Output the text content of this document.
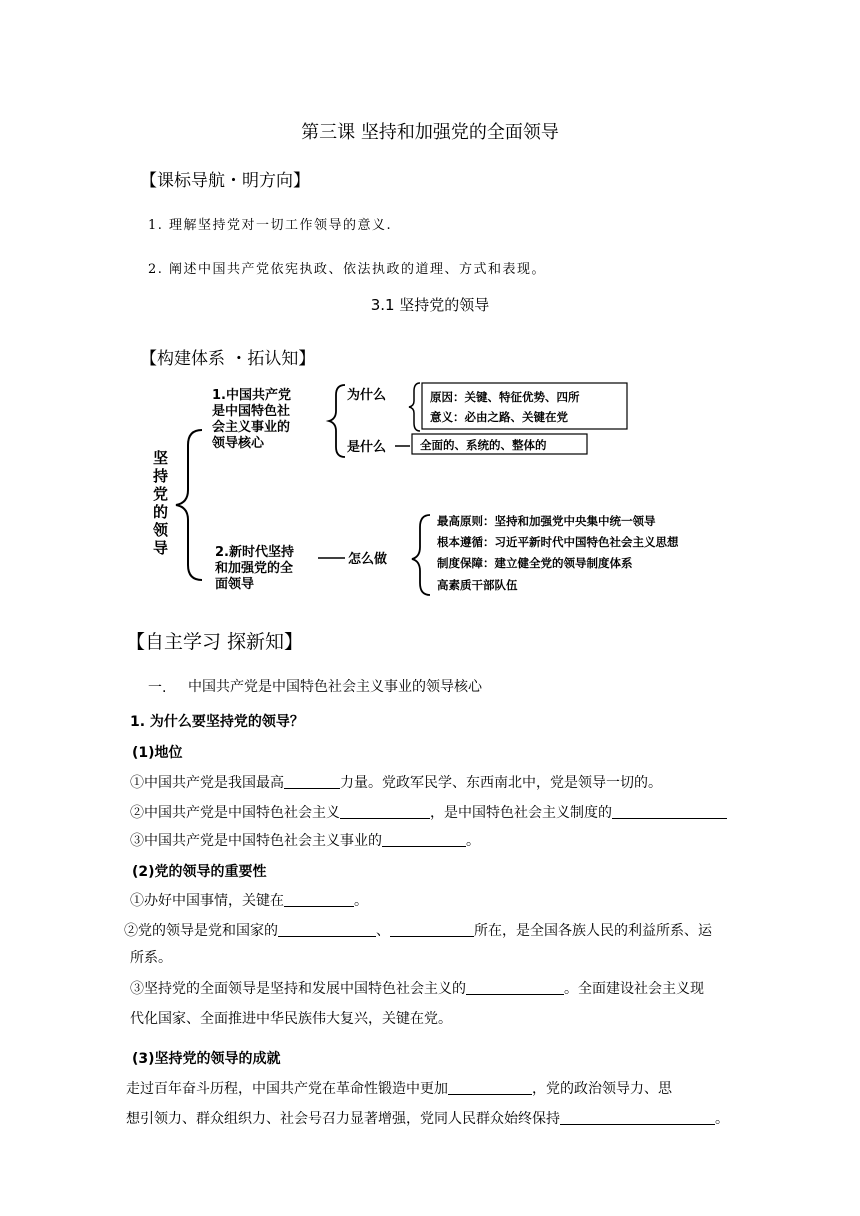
第三课 坚持和加强党的全面领导
【课标导航・明方向】
1. 理解坚持党对一切工作领导的意义.
2. 阐述中国共产党依宪执政、依法执政的道理、方式和表现。
3.1 坚持党的领导
【构建体系 ・拓认知】
坚
持
党
的
领
导
1.中国共产党
是中国特色社
会主义事业的
领导核心
为什么	原因：关键、特征优势、四所
意义：必由之路、关键在党
是什么	全面的、系统的、整体的
2.新时代坚持
和加强党的全
面领导
怎么做
最高原则：坚持和加强党中央集中统一领导
根本遵循：习近平新时代中国特色社会主义思想
制度保障：建立健全党的领导制度体系
高素质干部队伍
【自主学习 探新知】
一. 中国共产党是中国特色社会主义事业的领导核心
1. 为什么要坚持党的领导？
(1)地位
①中国共产党是我国最高	力量。党政军民学、东西南北中，党是领导一切的。
②中国共产党是中国特色社会主义	，是中国特色社会主义制度的
③中国共产党是中国特色社会主义事业的	。
(2)党的领导的重要性
①办好中国事情，关键在	。
②党的领导是党和国家的	、	所在，是全国各族人民的利益所系、运
所系。
③坚持党的全面领导是坚持和发展中国特色社会主义的	。全面建设社会主义现
代化国家、全面推进中华民族伟大复兴，关键在党。
(3)坚持党的领导的成就
走过百年奋斗历程，中国共产党在革命性锻造中更加	，党的政治领导力、思
想引领力、群众组织力、社会号召力显著增强，党同人民群众始终保持	。
